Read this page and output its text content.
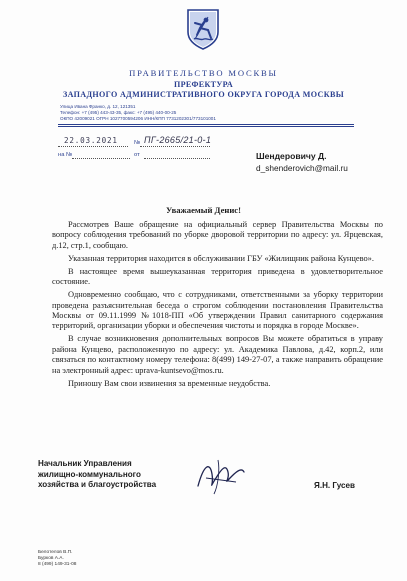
ПРАВИТЕЛЬСТВО МОСКВЫ
ПРЕФЕКТУРА
ЗАПАДНОГО АДМИНИСТРАТИВНОГО ОКРУГА ГОРОДА МОСКВЫ
Улица Ивана Франко, д. 12, 121351
Телефон: +7 (495) 443-43-35, факс: +7 (495) 440-00-25
ОКПО 42009021 ОГРН 1027700594206 ИНН/КПП 7731202301/773101001
22.03.2021	№ ПГ-2665/21-0-1
на №	от	Шендеровичу Д.
d_shenderovich@mail.ru
Уважаемый Денис!

Рассмотрев Ваше обращение на официальный сервер Правительства Москвы по вопросу соблюдения требований по уборке дворовой территории по адресу: ул. Ярцевская, д.12, стр.1, сообщаю.

Указанная территория находится в обслуживании ГБУ «Жилищник района Кунцево».

В настоящее время вышеуказанная территория приведена в удовлетворительное состояние.

Одновременно сообщаю, что с сотрудниками, ответственными за уборку территории проведена разъяснительная беседа о строгом соблюдении постановления Правительства Москвы от 09.11.1999 №1018-ПП «Об утверждении Правил санитарного содержания территорий, организации уборки и обеспечения чистоты и порядка в городе Москве».

В случае возникновения дополнительных вопросов Вы можете обратиться в управу района Кунцево, расположенную по адресу: ул. Академика Павлова, д.42, корп.2, или связаться по контактному номеру телефона: 8(499) 149-27-07, а также направить обращение на электронный адрес: uprava-kuntsevo@mos.ru.

Приношу Вам свои извинения за временные неудобства.

Начальник Управления
жилищно-коммунального
хозяйства и благоустройства	Я.Н. Гусев
Белотелов В.П.
Бурков А.А.
8 (499) 149-31-08
